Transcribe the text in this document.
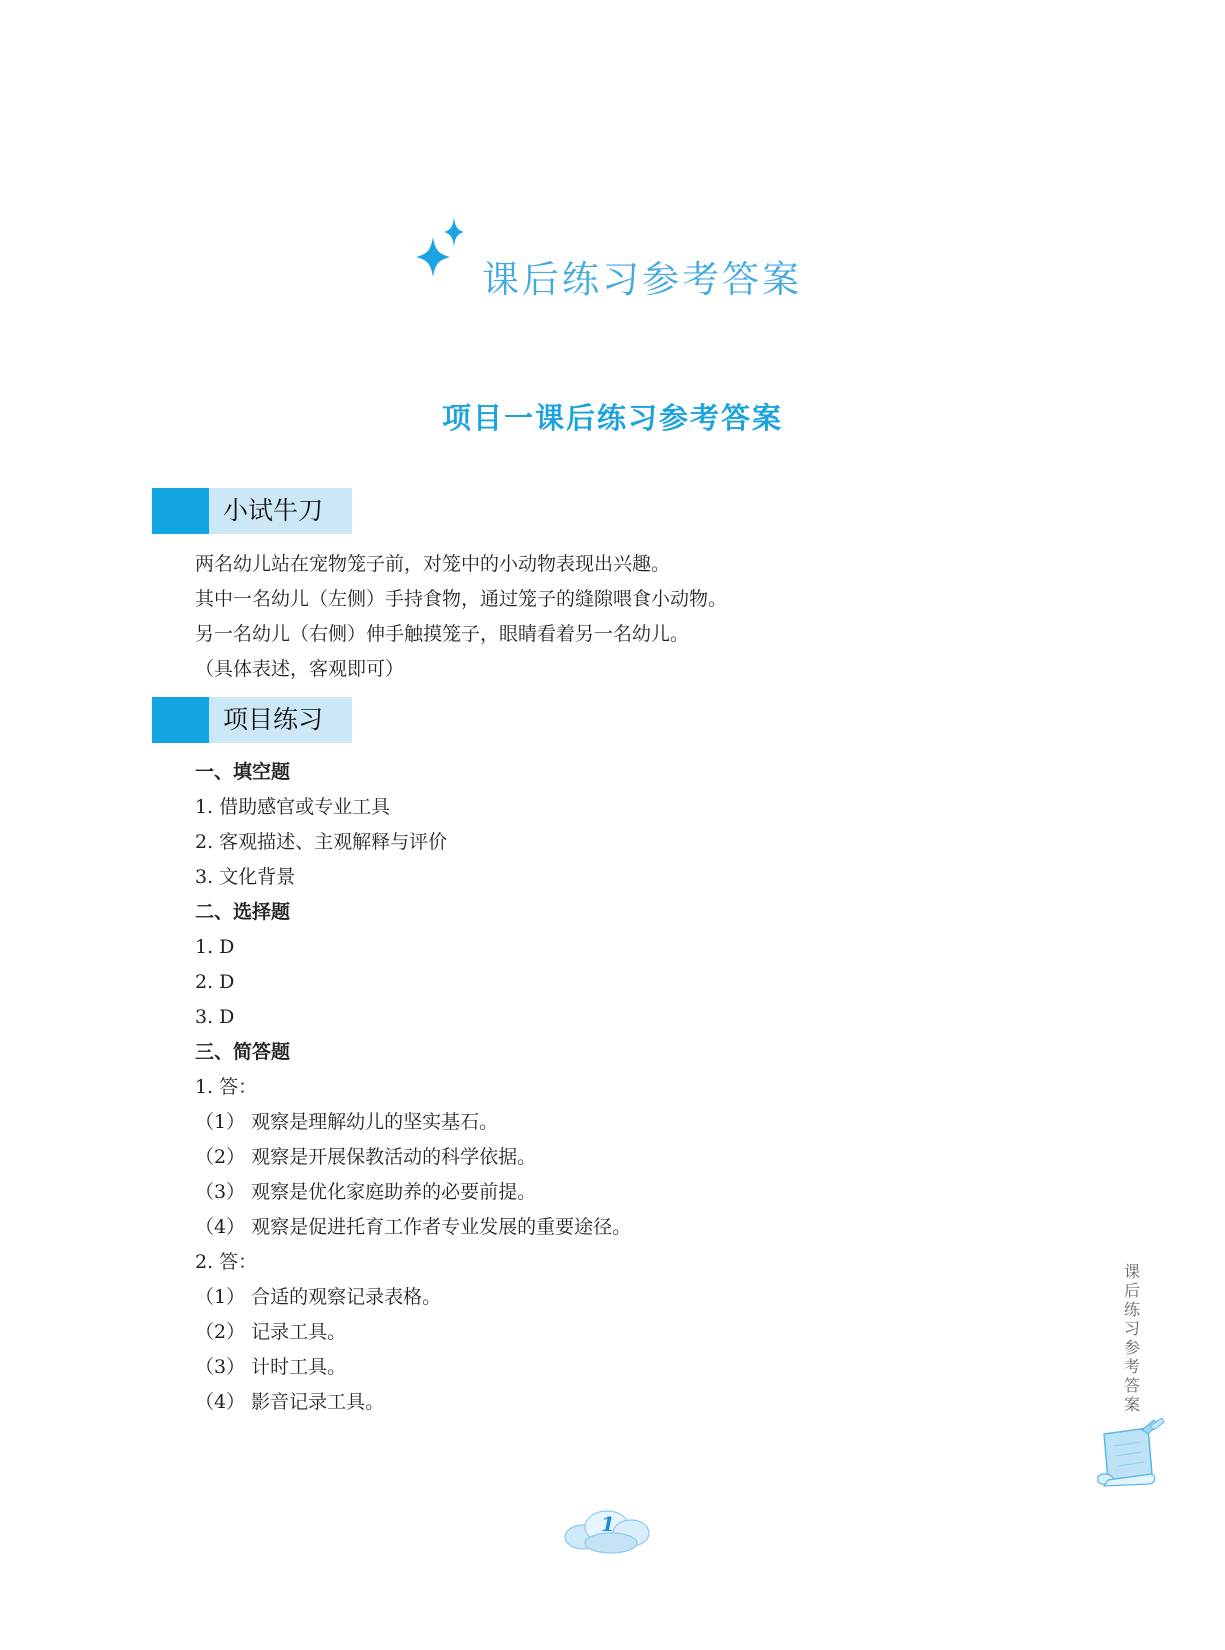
课后练习参考答案
项目一课后练习参考答案
小试牛刀
两名幼儿站在宠物笼子前，对笼中的小动物表现出兴趣。
其中一名幼儿（左侧）手持食物，通过笼子的缝隙喂食小动物。
另一名幼儿（右侧）伸手触摸笼子，眼睛看着另一名幼儿。
（具体表述，客观即可）
项目练习
一、填空题
1. 借助感官或专业工具
2. 客观描述、主观解释与评价
3. 文化背景
二、选择题
1. D
2. D
3. D
三、简答题
1. 答：
（1） 观察是理解幼儿的坚实基石。
（2） 观察是开展保教活动的科学依据。
（3） 观察是优化家庭助养的必要前提。
（4） 观察是促进托育工作者专业发展的重要途径。
2. 答：
（1） 合适的观察记录表格。
（2） 记录工具。
（3） 计时工具。
（4） 影音记录工具。
课后练习参考答案
1
